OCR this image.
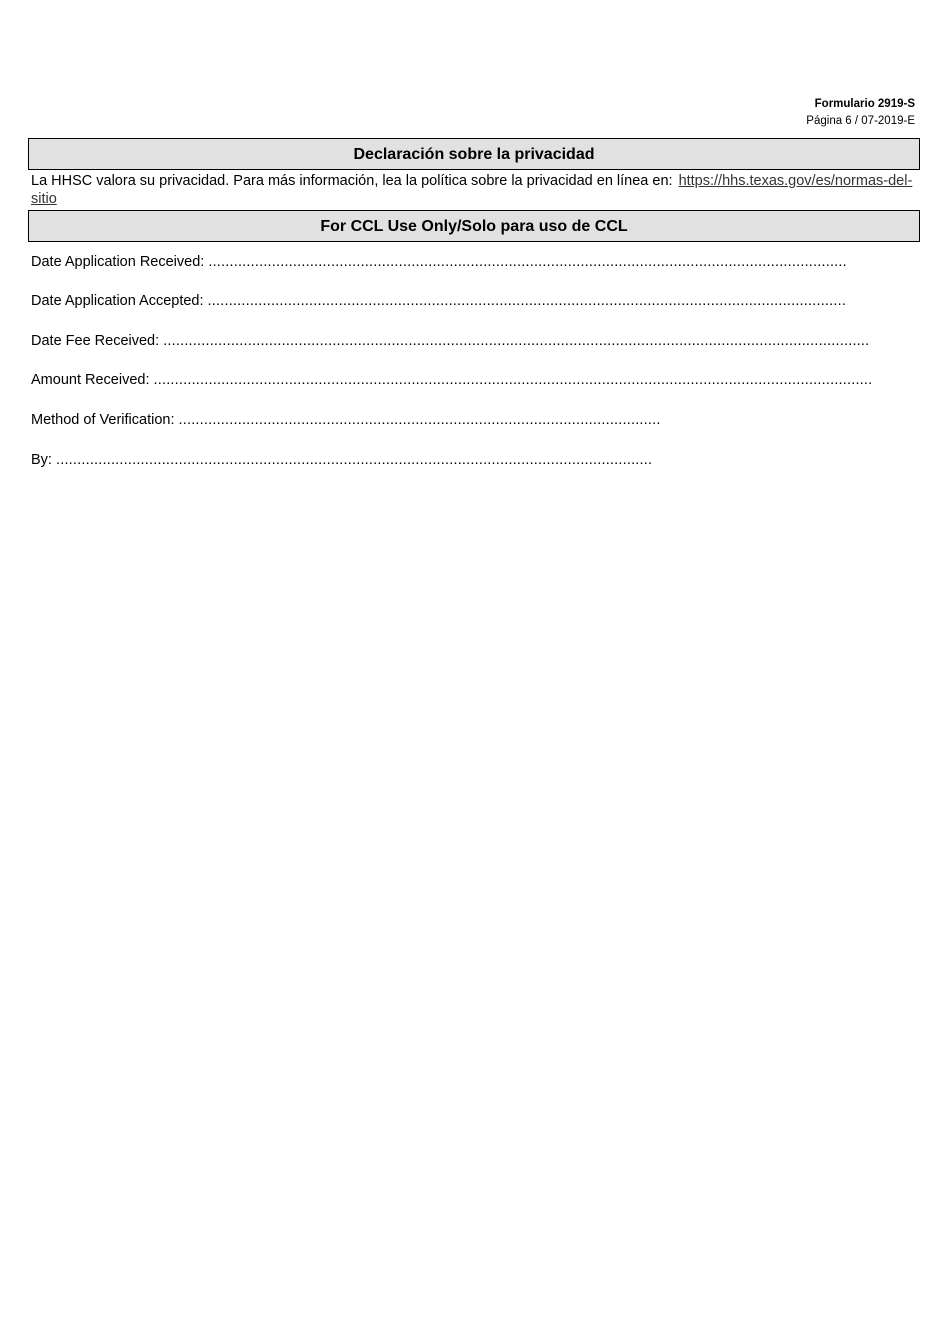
Formulario 2919-S
Página 6 / 07-2019-E
Declaración sobre la privacidad
La HHSC valora su privacidad. Para más información, lea la política sobre la privacidad en línea en: https://hhs.texas.gov/es/normas-del-sitio
For CCL Use Only/Solo para uso de CCL
Date Application Received: .......................................................................................................................................................
Date Application Accepted: .......................................................................................................................................................
Date Fee Received: .......................................................................................................................................................................
Amount Received: ..........................................................................................................................................................................
Method of Verification: ..................................................................................................................
By: .............................................................................................................................................
